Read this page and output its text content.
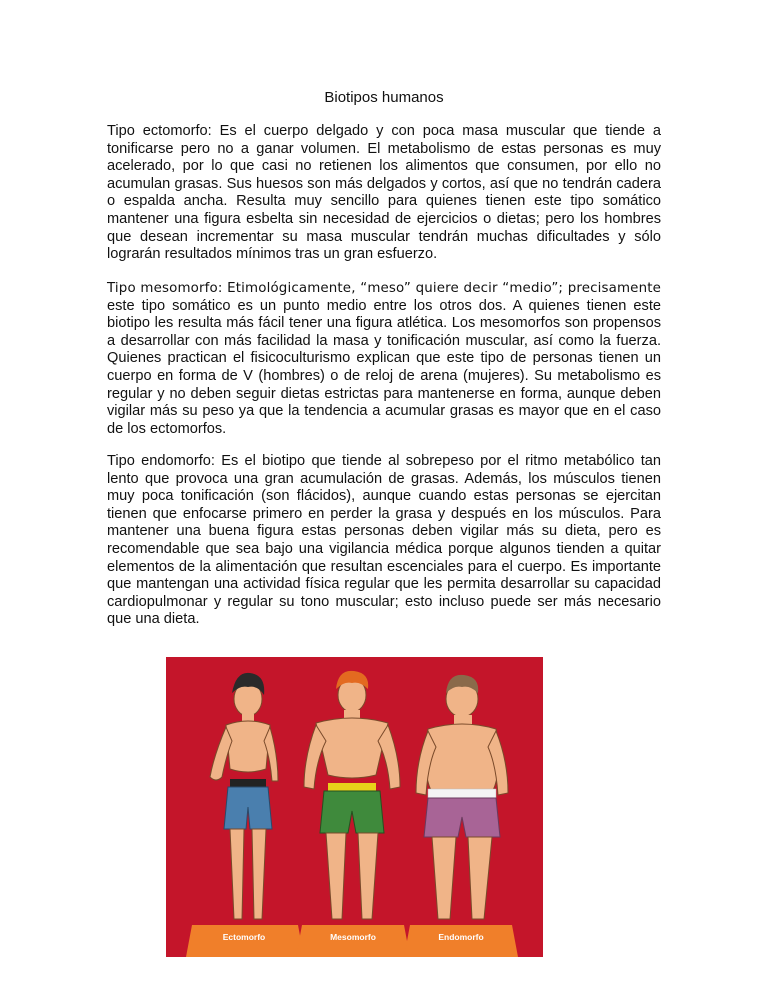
Biotipos humanos

Tipo ectomorfo: Es el cuerpo delgado y con poca masa muscular que tiende a tonificarse pero no a ganar volumen. El metabolismo de estas personas es muy acelerado, por lo que casi no retienen los alimentos que consumen, por ello no acumulan grasas. Sus huesos son más delgados y cortos, así que no tendrán cadera o espalda ancha. Resulta muy sencillo para quienes tienen este tipo somático mantener una figura esbelta sin necesidad de ejercicios o dietas; pero los hombres que desean incrementar su masa muscular tendrán muchas dificultades y sólo lograrán resultados mínimos tras un gran esfuerzo.

Tipo mesomorfo: Etimológicamente, “meso” quiere decir “medio”; precisamente este tipo somático es un punto medio entre los otros dos. A quienes tienen este biotipo les resulta más fácil tener una figura atlética. Los mesomorfos son propensos a desarrollar con más facilidad la masa y tonificación muscular, así como la fuerza. Quienes practican el fisicoculturismo explican que este tipo de personas tienen un cuerpo en forma de V (hombres) o de reloj de arena (mujeres). Su metabolismo es regular y no deben seguir dietas estrictas para mantenerse en forma, aunque deben vigilar más su peso ya que la tendencia a acumular grasas es mayor que en el caso de los ectomorfos.

Tipo endomorfo: Es el biotipo que tiende al sobrepeso por el ritmo metabólico tan lento que provoca una gran acumulación de grasas. Además, los músculos tienen muy poca tonificación (son flácidos), aunque cuando estas personas se ejercitan tienen que enfocarse primero en perder la grasa y después en los músculos. Para mantener una buena figura estas personas deben vigilar más su dieta, pero es recomendable que sea bajo una vigilancia médica porque algunos tienden a quitar elementos de la alimentación que resultan escenciales para el cuerpo. Es importante que mantengan una actividad física regular que les permita desarrollar su capacidad cardiopulmonar y regular su tono muscular; esto incluso puede ser más necesario que una dieta.

Ectomorfo	Mesomorfo	Endomorfo
